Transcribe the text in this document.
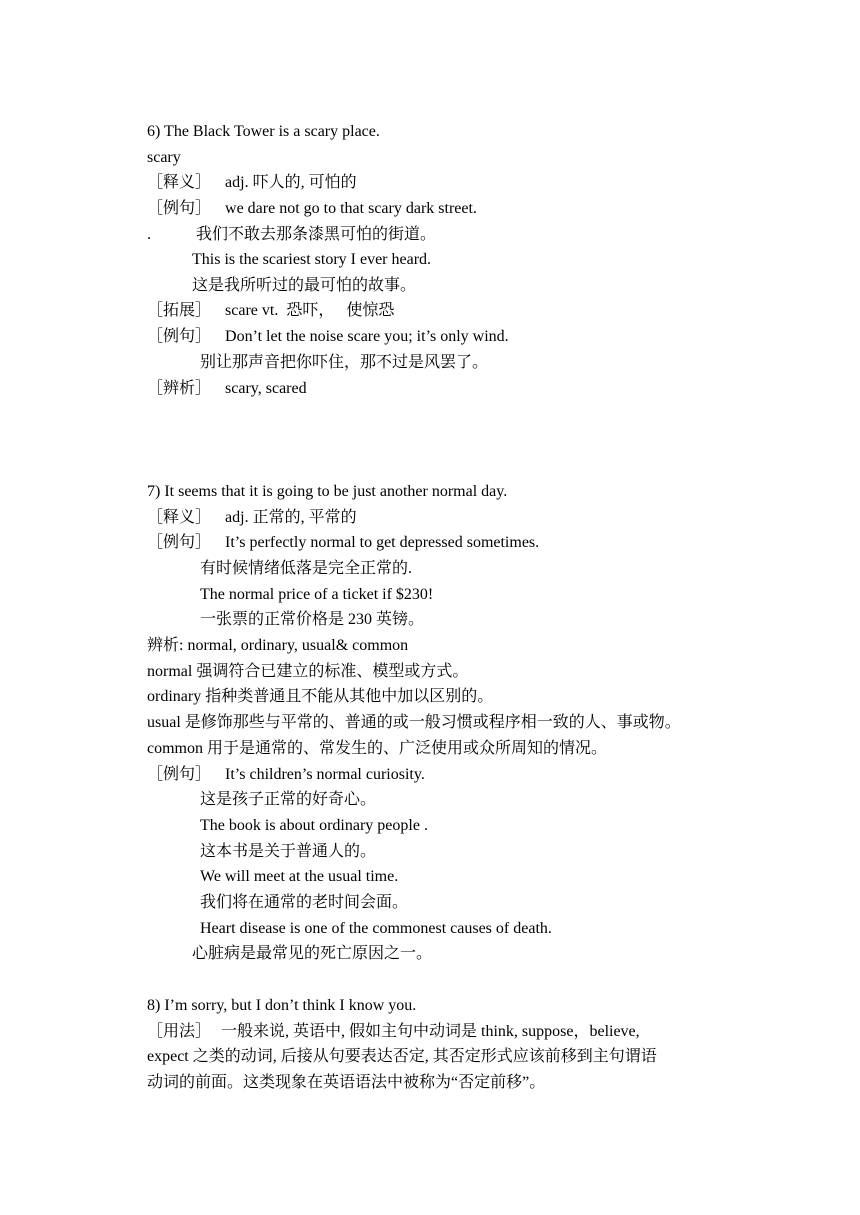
6) The Black Tower is a scary place.
scary
［释义］ adj. 吓人的, 可怕的
［例句］ we dare not go to that scary dark street.
.	我们不敢去那条漆黑可怕的街道。
This is the scariest story I ever heard.
这是我所听过的最可怕的故事。
［拓展］ scare vt.  恐吓，   使惊恐
［例句］ Don’t let the noise scare you; it’s only wind.
别让那声音把你吓住，那不过是风罢了。
［辨析］ scary, scared
7) It seems that it is going to be just another normal day.
［释义］ adj. 正常的, 平常的
［例句］ It’s perfectly normal to get depressed sometimes.
有时候情绪低落是完全正常的.
The normal price of a ticket if $230!
一张票的正常价格是 230 英镑。
辨析: normal, ordinary, usual& common
normal 强调符合已建立的标准、模型或方式。
ordinary 指种类普通且不能从其他中加以区别的。
usual 是修饰那些与平常的、普通的或一般习惯或程序相一致的人、事或物。
common 用于是通常的、常发生的、广泛使用或众所周知的情况。
［例句］ It’s children’s normal curiosity.
这是孩子正常的好奇心。
The book is about ordinary people .
这本书是关于普通人的。
We will meet at the usual time.
我们将在通常的老时间会面。
Heart disease is one of the commonest causes of death.
心脏病是最常见的死亡原因之一。
8) I’m sorry, but I don’t think I know you.
［用法］ 一般来说, 英语中, 假如主句中动词是 think, suppose，believe,
expect 之类的动词, 后接从句要表达否定, 其否定形式应该前移到主句谓语
动词的前面。这类现象在英语语法中被称为“否定前移”。
